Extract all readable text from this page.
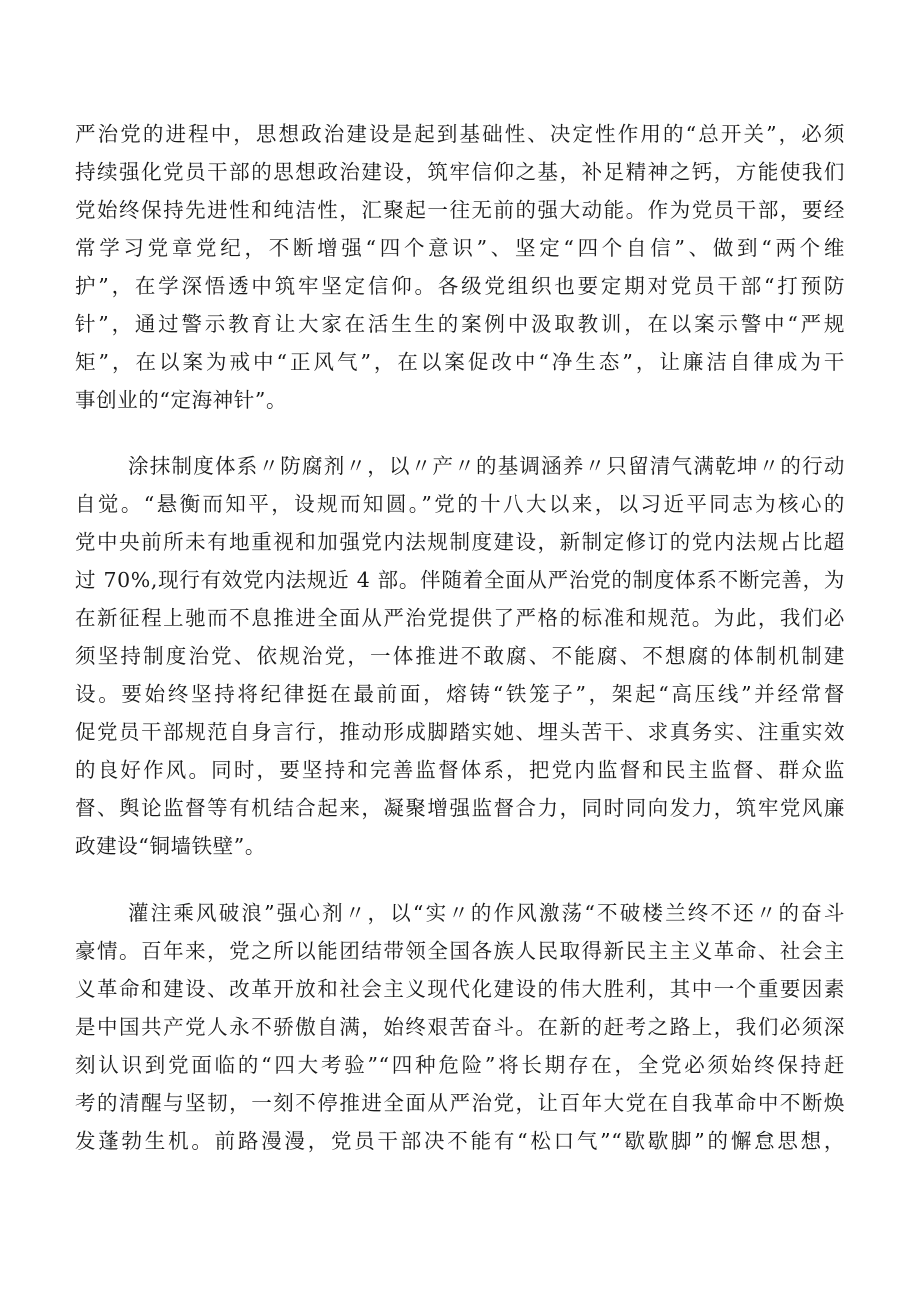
严治党的进程中，思想政治建设是起到基础性、决定性作用的“总开关”，必须

持续强化党员干部的思想政治建设，筑牢信仰之基，补足精神之钙，方能使我们

党始终保持先进性和纯洁性，汇聚起一往无前的强大动能。作为党员干部，要经

常学习党章党纪，不断增强“四个意识”、坚定“四个自信”、做到“两个维

护”，在学深悟透中筑牢坚定信仰。各级党组织也要定期对党员干部“打预防

针”，通过警示教育让大家在活生生的案例中汲取教训，在以案示警中“严规

矩”，在以案为戒中“正风气”，在以案促改中“净生态”，让廉洁自律成为干

事创业的“定海神针”。

涂抹制度体系〃防腐剂〃，以〃产〃的基调涵养〃只留清气满乾坤〃的行动

自觉。“悬衡而知平，设规而知圆。”党的十八大以来，以习近平同志为核心的

党中央前所未有地重视和加强党内法规制度建设，新制定修订的党内法规占比超

过 70%,现行有效党内法规近 4 部。伴随着全面从严治党的制度体系不断完善，为

在新征程上驰而不息推进全面从严治党提供了严格的标准和规范。为此，我们必

须坚持制度治党、依规治党，一体推进不敢腐、不能腐、不想腐的体制机制建

设。要始终坚持将纪律挺在最前面，熔铸“铁笼子”，架起“高压线”并经常督

促党员干部规范自身言行，推动形成脚踏实她、埋头苦干、求真务实、注重实效

的良好作风。同时，要坚持和完善监督体系，把党内监督和民主监督、群众监

督、舆论监督等有机结合起来，凝聚增强监督合力，同时同向发力，筑牢党风廉

政建设“铜墙铁壁”。

灌注乘风破浪”强心剂〃，以“实〃的作风激荡“不破楼兰终不还〃的奋斗

豪情。百年来，党之所以能团结带领全国各族人民取得新民主主义革命、社会主

义革命和建设、改革开放和社会主义现代化建设的伟大胜利，其中一个重要因素

是中国共产党人永不骄傲自满，始终艰苦奋斗。在新的赶考之路上，我们必须深

刻认识到党面临的“四大考验”“四种危险”将长期存在，全党必须始终保持赶

考的清醒与坚韧，一刻不停推进全面从严治党，让百年大党在自我革命中不断焕

发蓬勃生机。前路漫漫，党员干部决不能有“松口气”“歇歇脚”的懈怠思想，
